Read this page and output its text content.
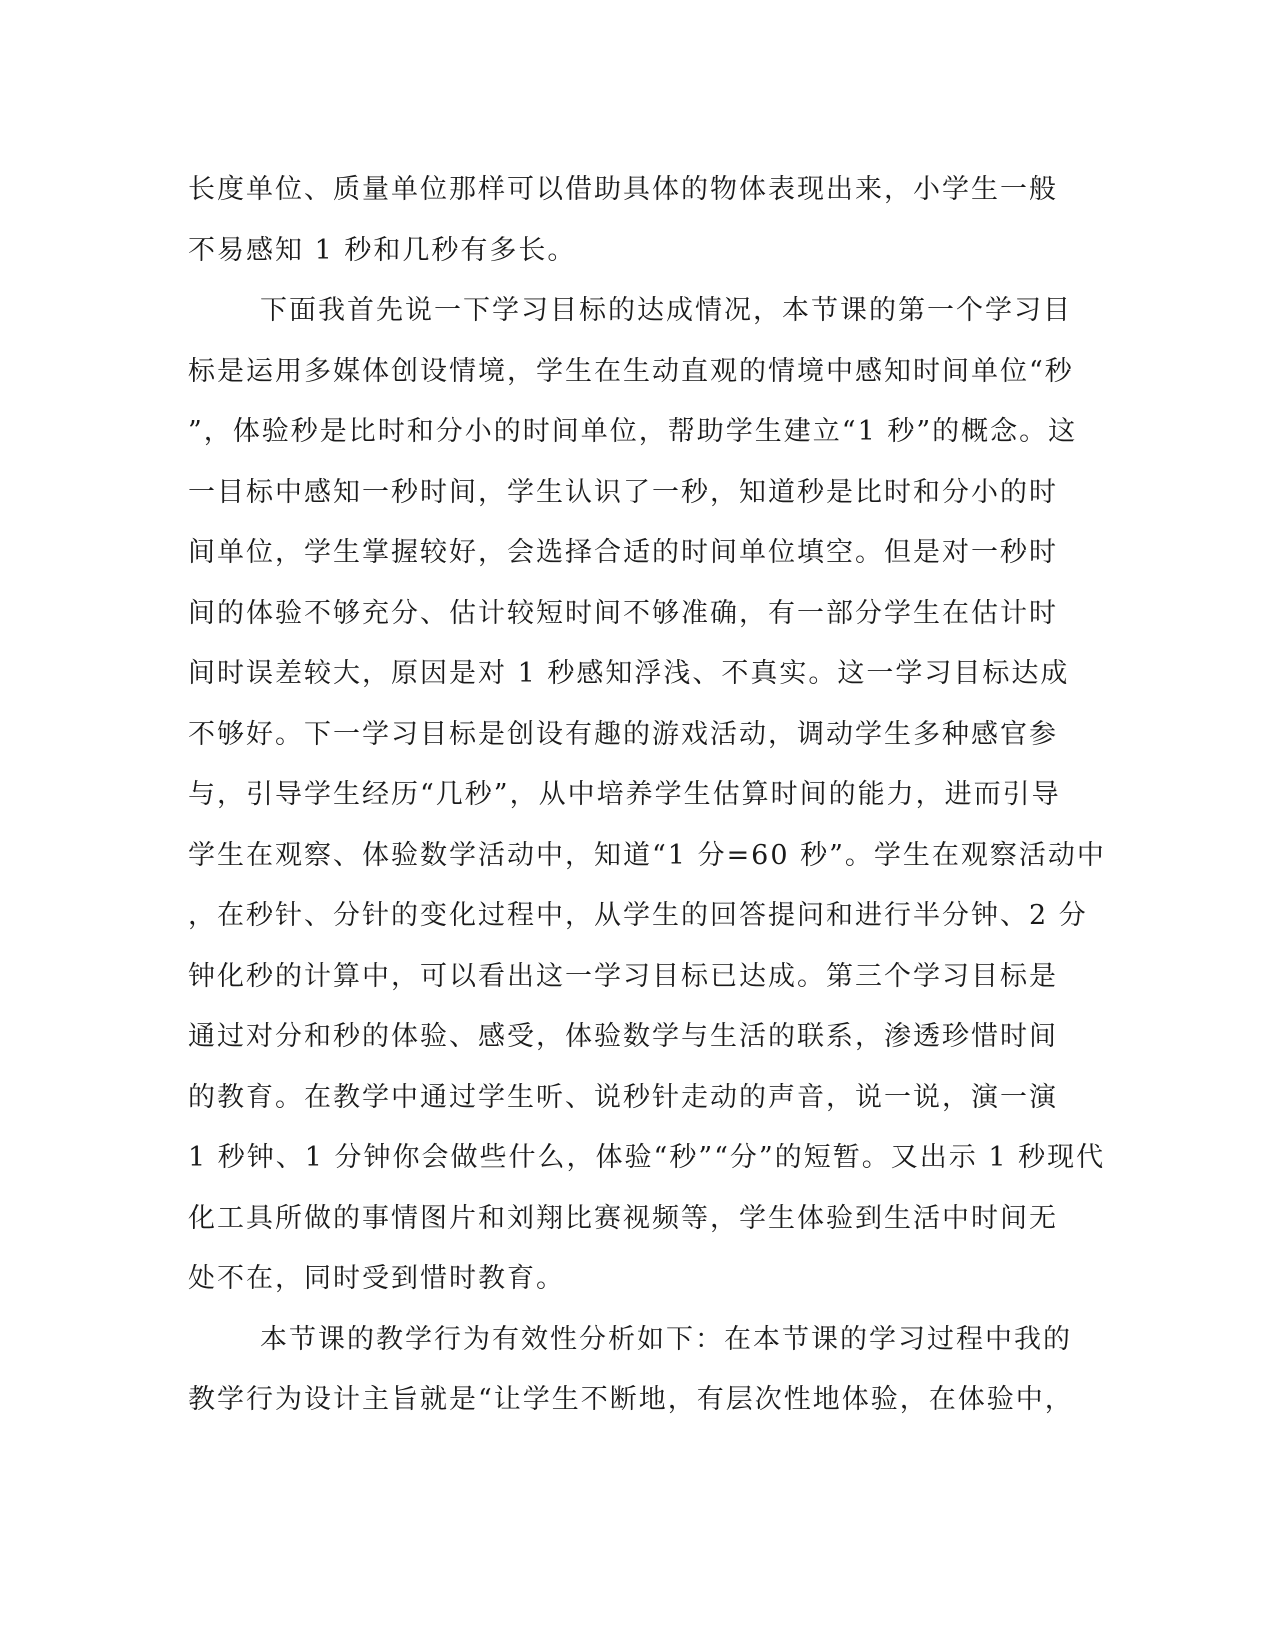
长度单位、质量单位那样可以借助具体的物体表现出来，小学生一般
不易感知 1 秒和几秒有多长。
下面我首先说一下学习目标的达成情况，本节课的第一个学习目
标是运用多媒体创设情境，学生在生动直观的情境中感知时间单位“秒
”，体验秒是比时和分小的时间单位，帮助学生建立“1 秒”的概念。这
一目标中感知一秒时间，学生认识了一秒，知道秒是比时和分小的时
间单位，学生掌握较好，会选择合适的时间单位填空。但是对一秒时
间的体验不够充分、估计较短时间不够准确，有一部分学生在估计时
间时误差较大，原因是对 1 秒感知浮浅、不真实。这一学习目标达成
不够好。下一学习目标是创设有趣的游戏活动，调动学生多种感官参
与，引导学生经历“几秒”，从中培养学生估算时间的能力，进而引导
学生在观察、体验数学活动中，知道“1 分=60 秒”。学生在观察活动中
，在秒针、分针的变化过程中，从学生的回答提问和进行半分钟、2 分
钟化秒的计算中，可以看出这一学习目标已达成。第三个学习目标是
通过对分和秒的体验、感受，体验数学与生活的联系，渗透珍惜时间
的教育。在教学中通过学生听、说秒针走动的声音，说一说，演一演
1 秒钟、1 分钟你会做些什么，体验“秒”“分”的短暂。又出示 1 秒现代
化工具所做的事情图片和刘翔比赛视频等，学生体验到生活中时间无
处不在，同时受到惜时教育。
本节课的教学行为有效性分析如下：在本节课的学习过程中我的
教学行为设计主旨就是“让学生不断地，有层次性地体验，在体验中，
